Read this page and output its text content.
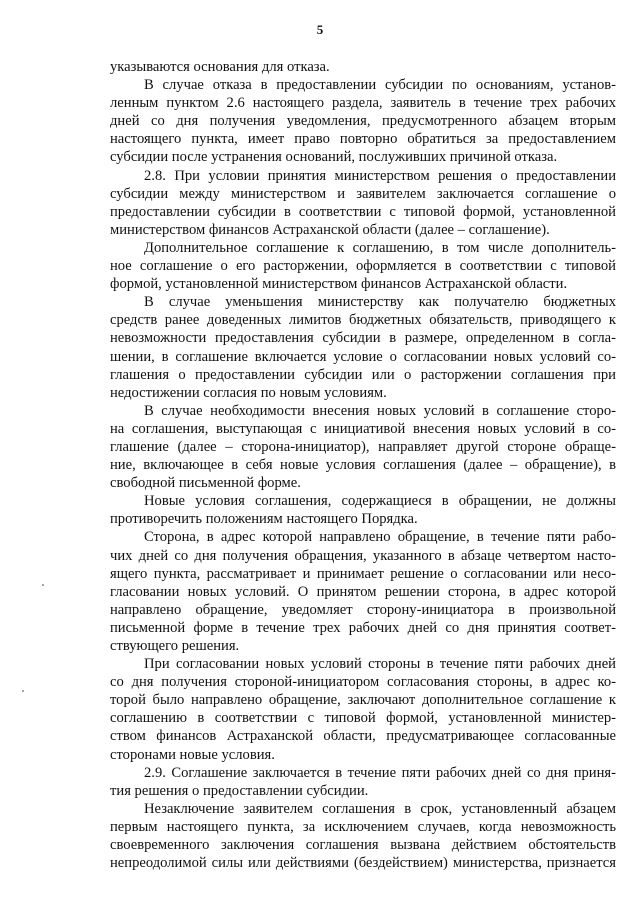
5
указываются основания для отказа.
В случае отказа в предоставлении субсидии по основаниям, установ-
ленным пунктом 2.6 настоящего раздела, заявитель в течение трех рабочих
дней со дня получения уведомления, предусмотренного абзацем вторым
настоящего пункта, имеет право повторно обратиться за предоставлением
субсидии после устранения оснований, послуживших причиной отказа.
2.8. При условии принятия министерством решения о предоставлении
субсидии между министерством и заявителем заключается соглашение о
предоставлении субсидии в соответствии с типовой формой, установленной
министерством финансов Астраханской области (далее – соглашение).
Дополнительное соглашение к соглашению, в том числе дополнитель-
ное соглашение о его расторжении, оформляется в соответствии с типовой
формой, установленной министерством финансов Астраханской области.
В случае уменьшения министерству как получателю бюджетных
средств ранее доведенных лимитов бюджетных обязательств, приводящего к
невозможности предоставления субсидии в размере, определенном в согла-
шении, в соглашение включается условие о согласовании новых условий со-
глашения о предоставлении субсидии или о расторжении соглашения при
недостижении согласия по новым условиям.
В случае необходимости внесения новых условий в соглашение сторо-
на соглашения, выступающая с инициативой внесения новых условий в со-
глашение (далее – сторона-инициатор), направляет другой стороне обраще-
ние, включающее в себя новые условия соглашения (далее – обращение), в
свободной письменной форме.
Новые условия соглашения, содержащиеся в обращении, не должны
противоречить положениям настоящего Порядка.
Сторона, в адрес которой направлено обращение, в течение пяти рабо-
чих дней со дня получения обращения, указанного в абзаце четвертом насто-
ящего пункта, рассматривает и принимает решение о согласовании или несо-
гласовании новых условий. О принятом решении сторона, в адрес которой
направлено обращение, уведомляет сторону-инициатора в произвольной
письменной форме в течение трех рабочих дней со дня принятия соответ-
ствующего решения.
При согласовании новых условий стороны в течение пяти рабочих дней
со дня получения стороной-инициатором согласования стороны, в адрес ко-
торой было направлено обращение, заключают дополнительное соглашение к
соглашению в соответствии с типовой формой, установленной министер-
ством финансов Астраханской области, предусматривающее согласованные
сторонами новые условия.
2.9. Соглашение заключается в течение пяти рабочих дней со дня приня-
тия решения о предоставлении субсидии.
Незаключение заявителем соглашения в срок, установленный абзацем
первым настоящего пункта, за исключением случаев, когда невозможность
своевременного заключения соглашения вызвана действием обстоятельств
непреодолимой силы или действиями (бездействием) министерства, признается
